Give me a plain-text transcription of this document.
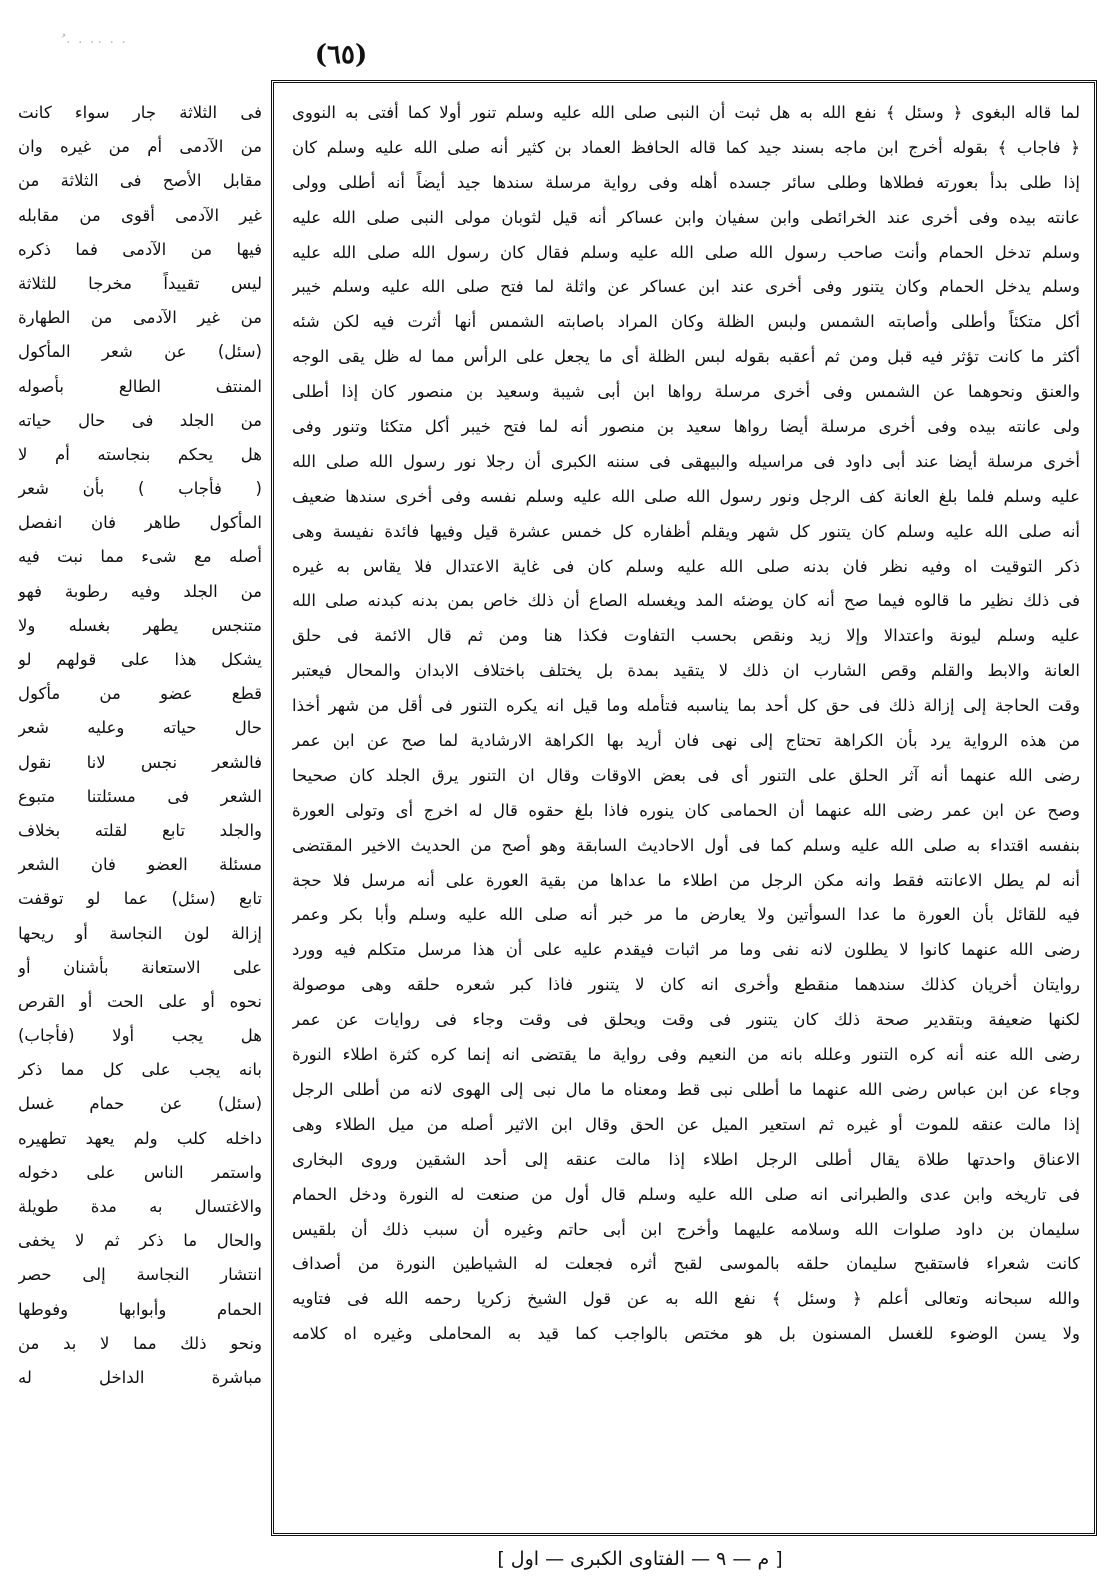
ُ ٠ ٠ ٠٠ ٠ ٠	(٦٥)
لما قاله البغوى ﴿ وسئل ﴾ نفع الله به هل ثبت أن النبى صلى الله عليه وسلم تنور أولا كما أفتى به النووى
﴿ فاجاب ﴾ بقوله أخرج ابن ماجه بسند جيد كما قاله الحافظ العماد بن كثير أنه صلى الله عليه وسلم كان
إذا طلى بدأ بعورته فطلاها وطلى سائر جسده أهله وفى رواية مرسلة سندها جيد أيضاً أنه أطلى وولى
عانته بيده وفى أخرى عند الخرائطى وابن سفيان وابن عساكر أنه قيل لثوبان مولى النبى صلى الله عليه
وسلم تدخل الحمام وأنت صاحب رسول الله صلى الله عليه وسلم فقال كان رسول الله صلى الله عليه
وسلم يدخل الحمام وكان يتنور وفى أخرى عند ابن عساكر عن واثلة لما فتح صلى الله عليه وسلم خيبر
أكل متكئاً وأطلى وأصابته الشمس ولبس الظلة وكان المراد باصابته الشمس أنها أثرت فيه لكن شئه
أكثر ما كانت تؤثر فيه قبل ومن ثم أعقبه بقوله لبس الظلة أى ما يجعل على الرأس مما له ظل يقى الوجه
والعنق ونحوهما عن الشمس وفى أخرى مرسلة رواها ابن أبى شيبة وسعيد بن منصور كان إذا أطلى
ولى عانته بيده وفى أخرى مرسلة أيضا رواها سعيد بن منصور أنه لما فتح خيبر أكل متكئا وتنور وفى
أخرى مرسلة أيضا عند أبى داود فى مراسيله والبيهقى فى سننه الكبرى أن رجلا نور رسول الله صلى الله
عليه وسلم فلما بلغ العانة كف الرجل ونور رسول الله صلى الله عليه وسلم نفسه وفى أخرى سندها ضعيف
أنه صلى الله عليه وسلم كان يتنور كل شهر ويقلم أظفاره كل خمس عشرة قيل وفيها فائدة نفيسة وهى
ذكر التوقيت اه وفيه نظر فان بدنه صلى الله عليه وسلم كان فى غاية الاعتدال فلا يقاس به غيره
فى ذلك نظير ما قالوه فيما صح أنه كان يوضئه المد ويغسله الصاع أن ذلك خاص بمن بدنه كبدنه صلى الله
عليه وسلم ليونة واعتدالا وإلا زيد ونقص بحسب التفاوت فكذا هنا ومن ثم قال الائمة فى حلق
العانة والابط والقلم وقص الشارب ان ذلك لا يتقيد بمدة بل يختلف باختلاف الابدان والمحال فيعتبر
وقت الحاجة إلى إزالة ذلك فى حق كل أحد بما يناسبه فتأمله وما قيل انه يكره التنور فى أقل من شهر أخذا
من هذه الرواية يرد بأن الكراهة تحتاج إلى نهى فان أريد بها الكراهة الارشادية لما صح عن ابن عمر
رضى الله عنهما أنه آثر الحلق على التنور أى فى بعض الاوقات وقال ان التنور يرق الجلد كان صحيحا
وصح عن ابن عمر رضى الله عنهما أن الحمامى كان ينوره فاذا بلغ حقوه قال له اخرج أى وتولى العورة
بنفسه اقتداء به صلى الله عليه وسلم كما فى أول الاحاديث السابقة وهو أصح من الحديث الاخير المقتضى
أنه لم يطل الاعانته فقط وانه مكن الرجل من اطلاء ما عداها من بقية العورة على أنه مرسل فلا حجة
فيه للقائل بأن العورة ما عدا السوأتين ولا يعارض ما مر خبر أنه صلى الله عليه وسلم وأبا بكر وعمر
رضى الله عنهما كانوا لا يطلون لانه نفى وما مر اثبات فيقدم عليه على أن هذا مرسل متكلم فيه وورد
روايتان أخريان كذلك سندهما منقطع وأخرى انه كان لا يتنور فاذا كبر شعره حلقه وهى موصولة
لكنها ضعيفة وبتقدير صحة ذلك كان يتنور فى وقت ويحلق فى وقت وجاء فى روايات عن عمر
رضى الله عنه أنه كره التنور وعلله بانه من النعيم وفى رواية ما يقتضى انه إنما كره كثرة اطلاء النورة
وجاء عن ابن عباس رضى الله عنهما ما أطلى نبى قط ومعناه ما مال نبى إلى الهوى لانه من أطلى الرجل
إذا مالت عنقه للموت أو غيره ثم استعير الميل عن الحق وقال ابن الاثير أصله من ميل الطلاء وهى
الاعناق واحدتها طلاة يقال أطلى الرجل اطلاء إذا مالت عنقه إلى أحد الشقين وروى البخارى
فى تاريخه وابن عدى والطبرانى انه صلى الله عليه وسلم قال أول من صنعت له النورة ودخل الحمام
سليمان بن داود صلوات الله وسلامه عليهما وأخرج ابن أبى حاتم وغيره أن سبب ذلك أن بلقيس
كانت شعراء فاستقبح سليمان حلقه بالموسى لقبح أثره فجعلت له الشياطين النورة من أصداف
والله سبحانه وتعالى أعلم ﴿ وسئل ﴾ نفع الله به عن قول الشيخ زكريا رحمه الله فى فتاويه
ولا يسن الوضوء للغسل المسنون بل هو مختص بالواجب كما قيد به المحاملى وغيره اه كلامه
فى الثلاثة جار سواء كانت
من الآدمى أم من غيره وان
مقابل الأصح فى الثلاثة من
غير الآدمى أقوى من مقابله
فيها من الآدمى فما ذكره
ليس تقييداً مخرجا للثلاثة
من غير الآدمى من الطهارة
(سئل) عن شعر المأكول
المنتف الطالع بأصوله
من الجلد فى حال حياته
هل يحكم بنجاسته أم لا
( فأجاب ) بأن شعر
المأكول طاهر فان انفصل
أصله مع شىء مما نبت فيه
من الجلد وفيه رطوبة فهو
متنجس يطهر بغسله ولا
يشكل هذا على قولهم لو
قطع عضو من مأكول
حال حياته وعليه شعر
فالشعر نجس لانا نقول
الشعر فى مسئلتنا متبوع
والجلد تابع لقلته بخلاف
مسئلة العضو فان الشعر
تابع (سئل) عما لو توقفت
إزالة لون النجاسة أو ريحها
على الاستعانة بأشنان أو
نحوه أو على الحت أو القرص
هل يجب أولا (فأجاب)
بانه يجب على كل مما ذكر
(سئل) عن حمام غسل
داخله كلب ولم يعهد تطهيره
واستمر الناس على دخوله
والاغتسال به مدة طويلة
والحال ما ذكر ثم لا يخفى
انتشار النجاسة إلى حصر
الحمام وأبوابها وفوطها
ونحو ذلك مما لا بد من
مباشرة الداخل له
[ م — ٩ — الفتاوى الكبرى — اول ]
